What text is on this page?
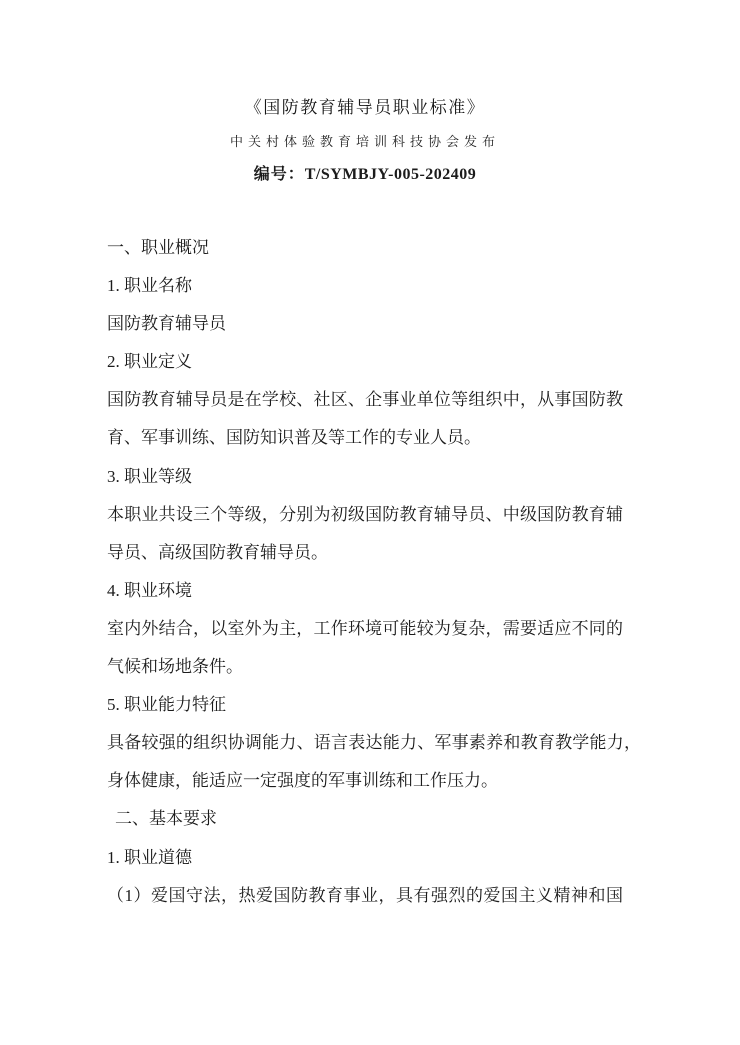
《国防教育辅导员职业标准》
中关村体验教育培训科技协会发布
编号：T/SYMBJY-005-202409
一、职业概况
1. 职业名称
国防教育辅导员
2. 职业定义
国防教育辅导员是在学校、社区、企事业单位等组织中，从事国防教育、军事训练、国防知识普及等工作的专业人员。
3. 职业等级
本职业共设三个等级，分别为初级国防教育辅导员、中级国防教育辅导员、高级国防教育辅导员。
4. 职业环境
室内外结合，以室外为主，工作环境可能较为复杂，需要适应不同的气候和场地条件。
5. 职业能力特征
具备较强的组织协调能力、语言表达能力、军事素养和教育教学能力，身体健康，能适应一定强度的军事训练和工作压力。
二、基本要求
1. 职业道德
（1）爱国守法，热爱国防教育事业，具有强烈的爱国主义精神和国
